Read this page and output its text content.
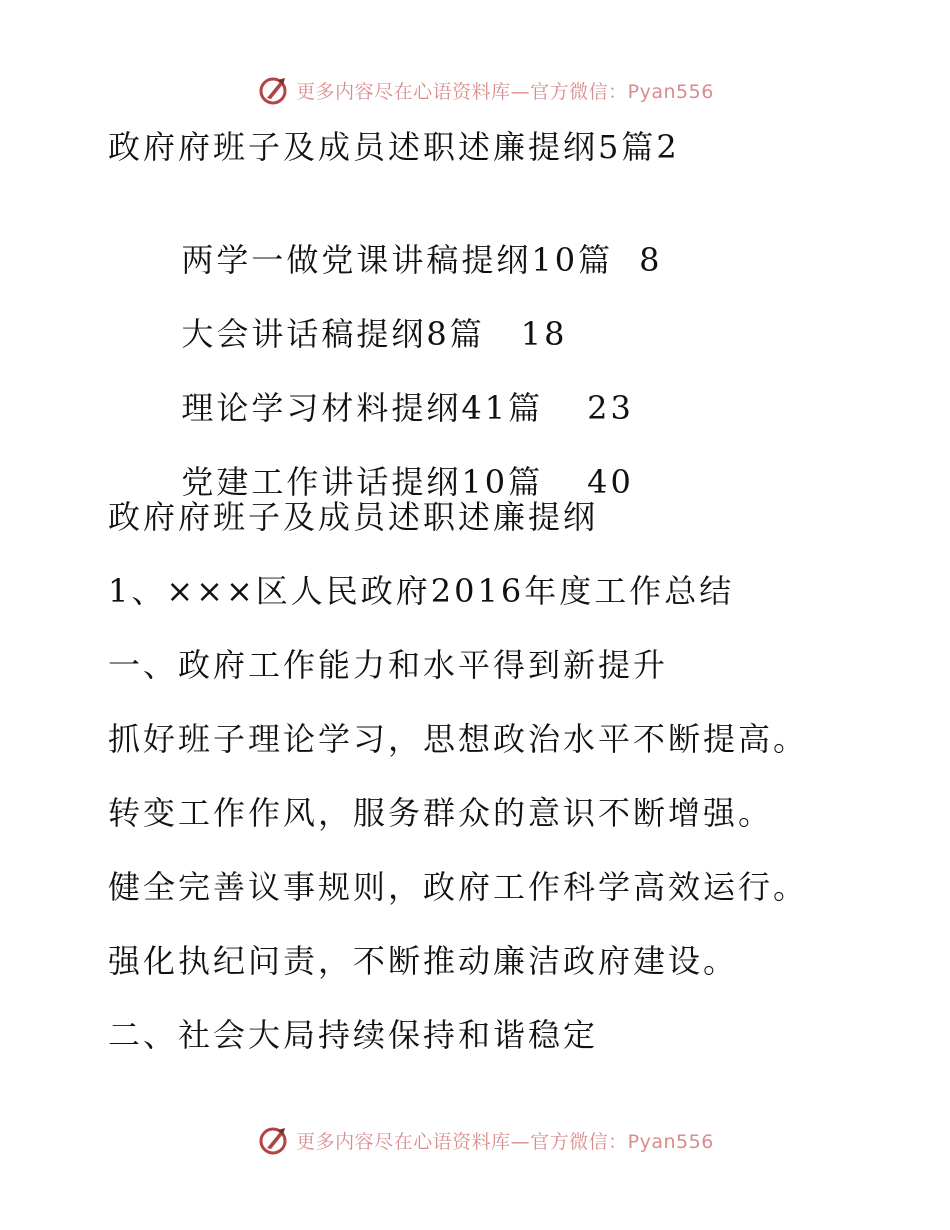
更多内容尽在心语资料库—官方微信：Pyan556
政府府班子及成员述职述廉提纲5篇2

两学一做党课讲稿提纲10篇 8

大会讲话稿提纲8篇 18

理论学习材料提纲41篇 23

党建工作讲话提纲10篇 40

政府府班子及成员述职述廉提纲
1、×××区人民政府2016年度工作总结
一、政府工作能力和水平得到新提升
抓好班子理论学习，思想政治水平不断提高。
转变工作作风，服务群众的意识不断增强。
健全完善议事规则，政府工作科学高效运行。
强化执纪问责，不断推动廉洁政府建设。
二、社会大局持续保持和谐稳定
更多内容尽在心语资料库—官方微信：Pyan556
